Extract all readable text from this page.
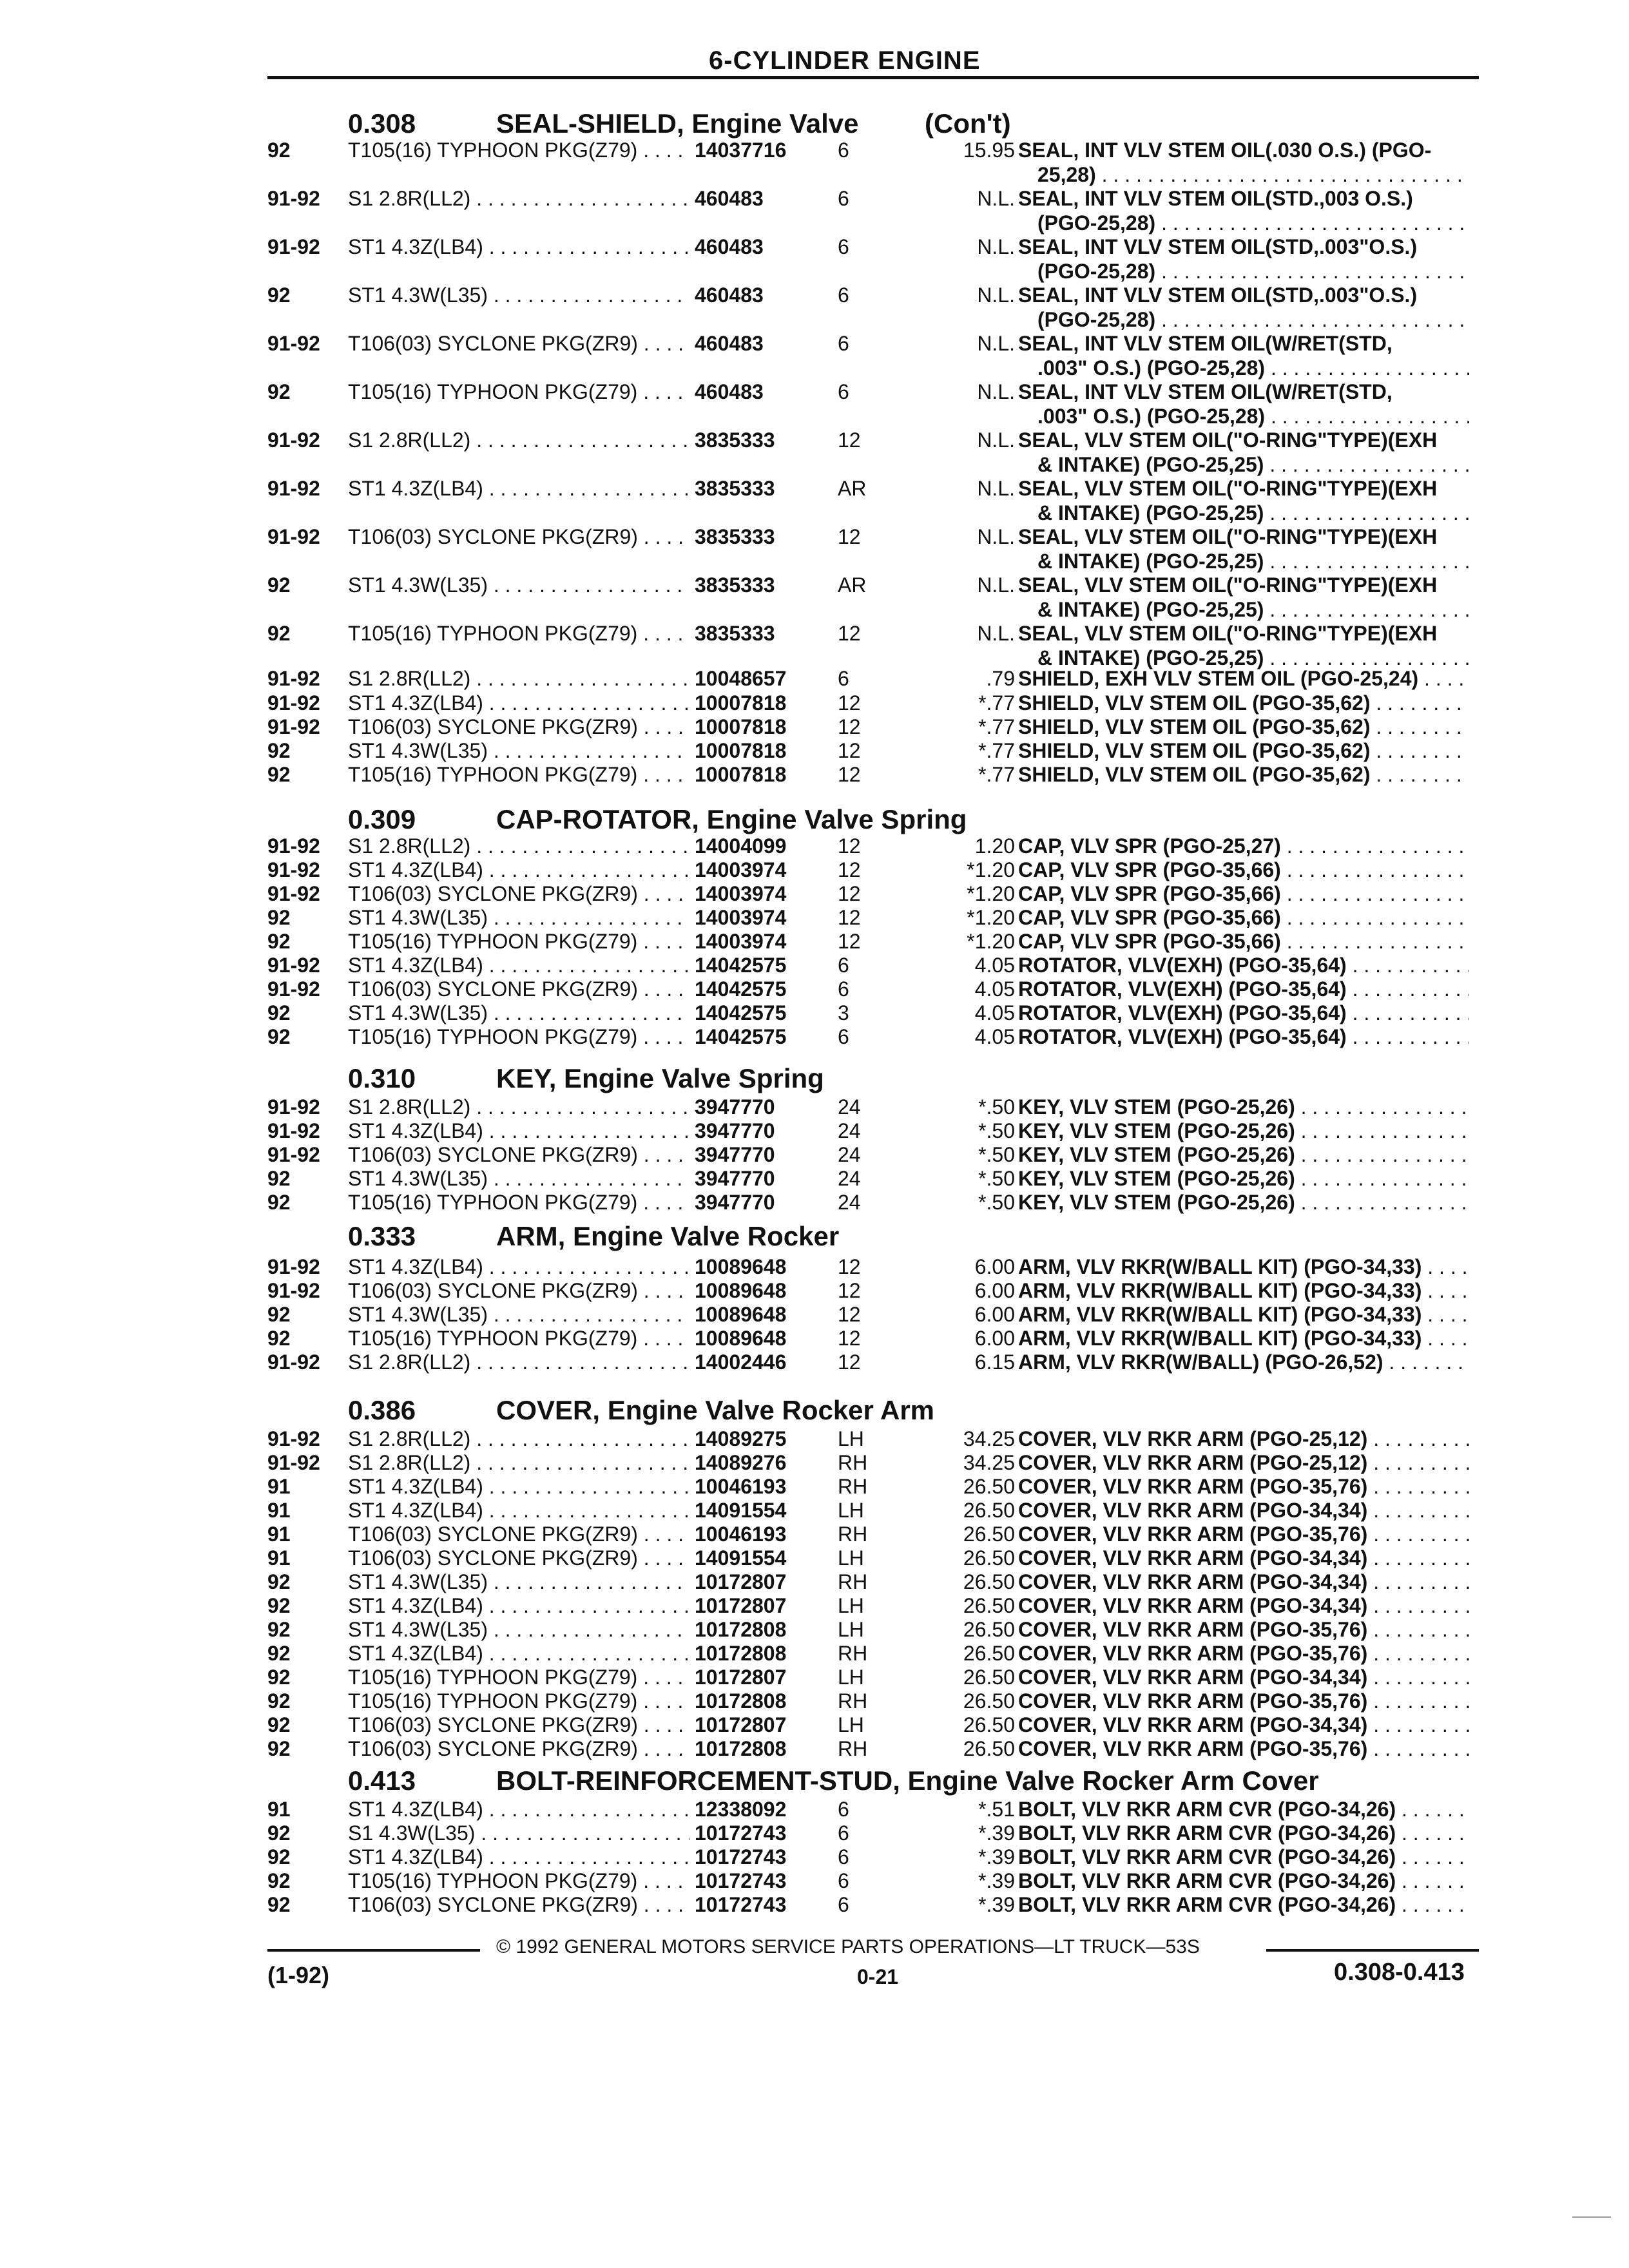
6-CYLINDER ENGINE
0.308	SEAL-SHIELD, Engine Valve (Con't)
0.309	CAP-ROTATOR, Engine Valve Spring
0.310	KEY, Engine Valve Spring
0.333	ARM, Engine Valve Rocker
0.386	COVER, Engine Valve Rocker Arm
0.413	BOLT-REINFORCEMENT-STUD, Engine Valve Rocker Arm Cover
92	T105(16) TYPHOON PKG(Z79) . . .	14037716	6	15.95 SEAL, INT VLV STEM OIL(.030 O.S.) (PGO-
25,28) . . .
91-92 S1 2.8R(LL2) . . .	460483	6	N.L. SEAL, INT VLV STEM OIL(STD.,003 O.S.)
(PGO-25,28) . . .
91-92 ST1 4.3Z(LB4) . . .	460483	6	N.L. SEAL, INT VLV STEM OIL(STD,.003"O.S.)
(PGO-25,28) . . .
92	ST1 4.3W(L35) . . .	460483	6	N.L. SEAL, INT VLV STEM OIL(STD,.003"O.S.)
(PGO-25,28) . . .
91-92 T106(03) SYCLONE PKG(ZR9) . . .	460483	6	N.L. SEAL, INT VLV STEM OIL(W/RET(STD,
.003" O.S.) (PGO-25,28) . . .
92	T105(16) TYPHOON PKG(Z79) . . .	460483	6	N.L. SEAL, INT VLV STEM OIL(W/RET(STD,
.003" O.S.) (PGO-25,28) . . .
91-92 S1 2.8R(LL2) . . .	3835333	12	N.L. SEAL, VLV STEM OIL("O-RING"TYPE)(EXH
& INTAKE) (PGO-25,25) . . .
91-92 ST1 4.3Z(LB4) . . .	3835333	AR	N.L. SEAL, VLV STEM OIL("O-RING"TYPE)(EXH
& INTAKE) (PGO-25,25) . . .
91-92 T106(03) SYCLONE PKG(ZR9) . . .	3835333	12	N.L. SEAL, VLV STEM OIL("O-RING"TYPE)(EXH
& INTAKE) (PGO-25,25) . . .
92	ST1 4.3W(L35) . . .	3835333	AR	N.L. SEAL, VLV STEM OIL("O-RING"TYPE)(EXH
& INTAKE) (PGO-25,25) . . .
92	T105(16) TYPHOON PKG(Z79) . . .	3835333	12	N.L. SEAL, VLV STEM OIL("O-RING"TYPE)(EXH
& INTAKE) (PGO-25,25) . . .
91-92 S1 2.8R(LL2) . . .	10048657	6	.79 SHIELD, EXH VLV STEM OIL (PGO-25,24) . . .
91-92 ST1 4.3Z(LB4) . . .	10007818	12	*.77 SHIELD, VLV STEM OIL (PGO-35,62) . . .
91-92 T106(03) SYCLONE PKG(ZR9) . . .	10007818	12	*.77 SHIELD, VLV STEM OIL (PGO-35,62) . . .
92	ST1 4.3W(L35) . . .	10007818	12	*.77 SHIELD, VLV STEM OIL (PGO-35,62) . . .
92	T105(16) TYPHOON PKG(Z79) . . .	10007818	12	*.77 SHIELD, VLV STEM OIL (PGO-35,62) . . .
91-92 S1 2.8R(LL2) . . .	14004099	12	1.20 CAP, VLV SPR (PGO-25,27) . . .
91-92 ST1 4.3Z(LB4) . . .	14003974	12	*1.20 CAP, VLV SPR (PGO-35,66) . . .
91-92 T106(03) SYCLONE PKG(ZR9) . . .	14003974	12	*1.20 CAP, VLV SPR (PGO-35,66) . . .
92	ST1 4.3W(L35) . . .	14003974	12	*1.20 CAP, VLV SPR (PGO-35,66) . . .
92	T105(16) TYPHOON PKG(Z79) . . .	14003974	12	*1.20 CAP, VLV SPR (PGO-35,66) . . .
91-92 ST1 4.3Z(LB4) . . .	14042575	6	4.05 ROTATOR, VLV(EXH) (PGO-35,64) . . .
91-92 T106(03) SYCLONE PKG(ZR9) . . .	14042575	6	4.05 ROTATOR, VLV(EXH) (PGO-35,64) . . .
92	ST1 4.3W(L35) . . .	14042575	3	4.05 ROTATOR, VLV(EXH) (PGO-35,64) . . .
92	T105(16) TYPHOON PKG(Z79) . . .	14042575	6	4.05 ROTATOR, VLV(EXH) (PGO-35,64) . . .
91-92 S1 2.8R(LL2) . . .	3947770	24	*.50 KEY, VLV STEM (PGO-25,26) . . .
91-92 ST1 4.3Z(LB4) . . .	3947770	24	*.50 KEY, VLV STEM (PGO-25,26) . . .
91-92 T106(03) SYCLONE PKG(ZR9) . . .	3947770	24	*.50 KEY, VLV STEM (PGO-25,26) . . .
92	ST1 4.3W(L35) . . .	3947770	24	*.50 KEY, VLV STEM (PGO-25,26) . . .
92	T105(16) TYPHOON PKG(Z79) . . .	3947770	24	*.50 KEY, VLV STEM (PGO-25,26) . . .
91-92 ST1 4.3Z(LB4) . . .	10089648	12	6.00 ARM, VLV RKR(W/BALL KIT) (PGO-34,33) . . .
91-92 T106(03) SYCLONE PKG(ZR9) . . .	10089648	12	6.00 ARM, VLV RKR(W/BALL KIT) (PGO-34,33) . . .
92	ST1 4.3W(L35) . . .	10089648	12	6.00 ARM, VLV RKR(W/BALL KIT) (PGO-34,33) . . .
92	T105(16) TYPHOON PKG(Z79) . . .	10089648	12	6.00 ARM, VLV RKR(W/BALL KIT) (PGO-34,33) . . .
91-92 S1 2.8R(LL2) . . .	14002446	12	6.15 ARM, VLV RKR(W/BALL) (PGO-26,52) . . .
91-92 S1 2.8R(LL2) . . .	14089275	LH	34.25 COVER, VLV RKR ARM (PGO-25,12) . . .
91-92 S1 2.8R(LL2) . . .	14089276	RH	34.25 COVER, VLV RKR ARM (PGO-25,12) . . .
91	ST1 4.3Z(LB4) . . .	10046193	RH	26.50 COVER, VLV RKR ARM (PGO-35,76) . . .
91	ST1 4.3Z(LB4) . . .	14091554	LH	26.50 COVER, VLV RKR ARM (PGO-34,34) . . .
91	T106(03) SYCLONE PKG(ZR9) . . .	10046193	RH	26.50 COVER, VLV RKR ARM (PGO-35,76) . . .
91	T106(03) SYCLONE PKG(ZR9) . . .	14091554	LH	26.50 COVER, VLV RKR ARM (PGO-34,34) . . .
92	ST1 4.3W(L35) . . .	10172807	RH	26.50 COVER, VLV RKR ARM (PGO-34,34) . . .
92	ST1 4.3Z(LB4) . . .	10172807	LH	26.50 COVER, VLV RKR ARM (PGO-34,34) . . .
92	ST1 4.3W(L35) . . .	10172808	LH	26.50 COVER, VLV RKR ARM (PGO-35,76) . . .
92	ST1 4.3Z(LB4) . . .	10172808	RH	26.50 COVER, VLV RKR ARM (PGO-35,76) . . .
92	T105(16) TYPHOON PKG(Z79) . . .	10172807	LH	26.50 COVER, VLV RKR ARM (PGO-34,34) . . .
92	T105(16) TYPHOON PKG(Z79) . . .	10172808	RH	26.50 COVER, VLV RKR ARM (PGO-35,76) . . .
92	T106(03) SYCLONE PKG(ZR9) . . .	10172807	LH	26.50 COVER, VLV RKR ARM (PGO-34,34) . . .
92	T106(03) SYCLONE PKG(ZR9) . . .	10172808	RH	26.50 COVER, VLV RKR ARM (PGO-35,76) . . .
91	ST1 4.3Z(LB4) . . .	12338092	6	*.51 BOLT, VLV RKR ARM CVR (PGO-34,26) . . .
92	S1 4.3W(L35) . . .	10172743	6	*.39 BOLT, VLV RKR ARM CVR (PGO-34,26) . . .
92	ST1 4.3Z(LB4) . . .	10172743	6	*.39 BOLT, VLV RKR ARM CVR (PGO-34,26) . . .
92	T105(16) TYPHOON PKG(Z79) . . .	10172743	6	*.39 BOLT, VLV RKR ARM CVR (PGO-34,26) . . .
92	T106(03) SYCLONE PKG(ZR9) . . .	10172743	6	*.39 BOLT, VLV RKR ARM CVR (PGO-34,26) . . .
© 1992 GENERAL MOTORS SERVICE PARTS OPERATIONS—LT TRUCK—53S
(1-92)	0-21	0.308-0.413
